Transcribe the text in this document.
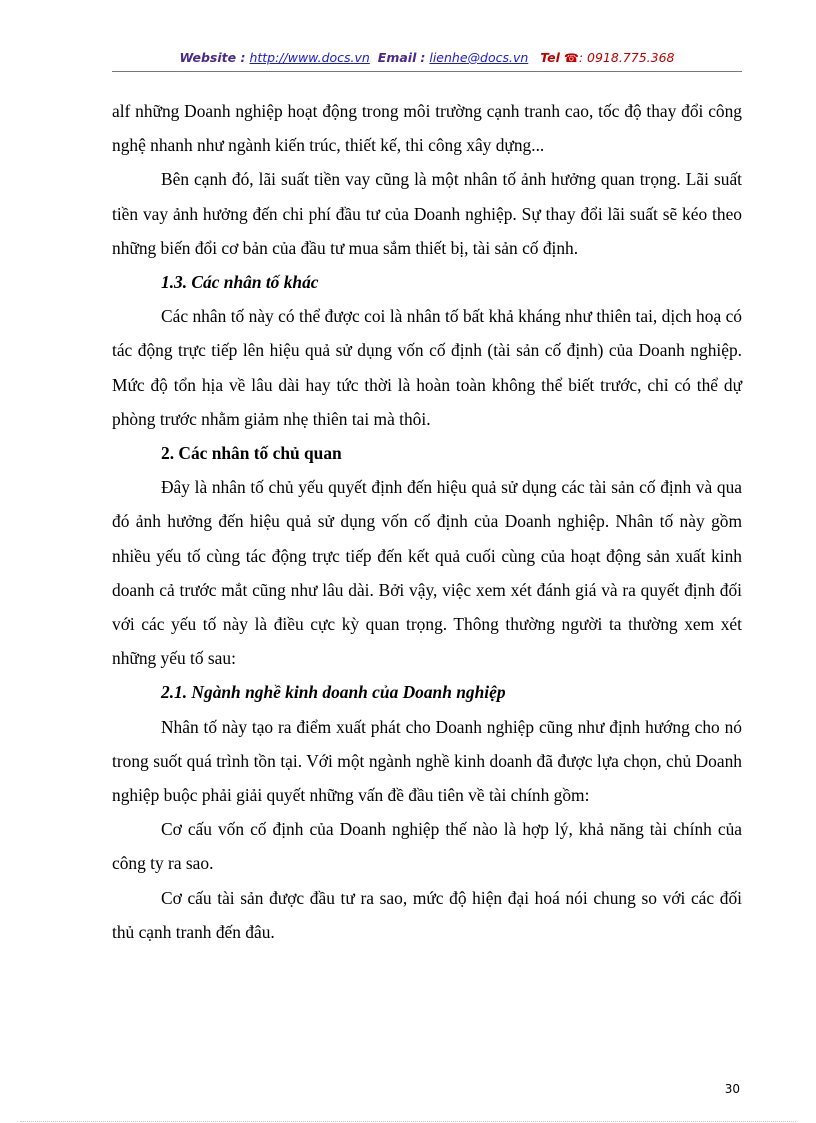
Website : http://www.docs.vn Email : lienhe@docs.vn Tel ☎: 0918.775.368

alf những Doanh nghiệp hoạt động trong môi trường cạnh tranh cao, tốc độ thay đổi công nghệ nhanh như ngành kiến trúc, thiết kế, thi công xây dựng...

Bên cạnh đó, lãi suất tiền vay cũng là một nhân tố ảnh hưởng quan trọng. Lãi suất tiền vay ảnh hưởng đến chi phí đầu tư của Doanh nghiệp. Sự thay đổi lãi suất sẽ kéo theo những biến đổi cơ bản của đầu tư mua sắm thiết bị, tài sản cố định.

1.3. Các nhân tố khác

Các nhân tố này có thể được coi là nhân tố bất khả kháng như thiên tai, dịch hoạ có tác động trực tiếp lên hiệu quả sử dụng vốn cố định (tài sản cố định) của Doanh nghiệp. Mức độ tổn hịa về lâu dài hay tức thời là hoàn toàn không thể biết trước, chỉ có thể dự phòng trước nhằm giảm nhẹ thiên tai mà thôi.

2. Các nhân tố chủ quan

Đây là nhân tố chủ yếu quyết định đến hiệu quả sử dụng các tài sản cố định và qua đó ảnh hưởng đến hiệu quả sử dụng vốn cố định của Doanh nghiệp. Nhân tố này gồm nhiều yếu tố cùng tác động trực tiếp đến kết quả cuối cùng của hoạt động sản xuất kinh doanh cả trước mắt cũng như lâu dài. Bởi vậy, việc xem xét đánh giá và ra quyết định đối với các yếu tố này là điều cực kỳ quan trọng. Thông thường người ta thường xem xét những yếu tố sau:

2.1. Ngành nghề kinh doanh của Doanh nghiệp

Nhân tố này tạo ra điểm xuất phát cho Doanh nghiệp cũng như định hướng cho nó trong suốt quá trình tồn tại. Với một ngành nghề kinh doanh đã được lựa chọn, chủ Doanh nghiệp buộc phải giải quyết những vấn đề đầu tiên về tài chính gồm:

Cơ cấu vốn cố định của Doanh nghiệp thế nào là hợp lý, khả năng tài chính của công ty ra sao.

Cơ cấu tài sản được đầu tư ra sao, mức độ hiện đại hoá nói chung so với các đối thủ cạnh tranh đến đâu.

30
